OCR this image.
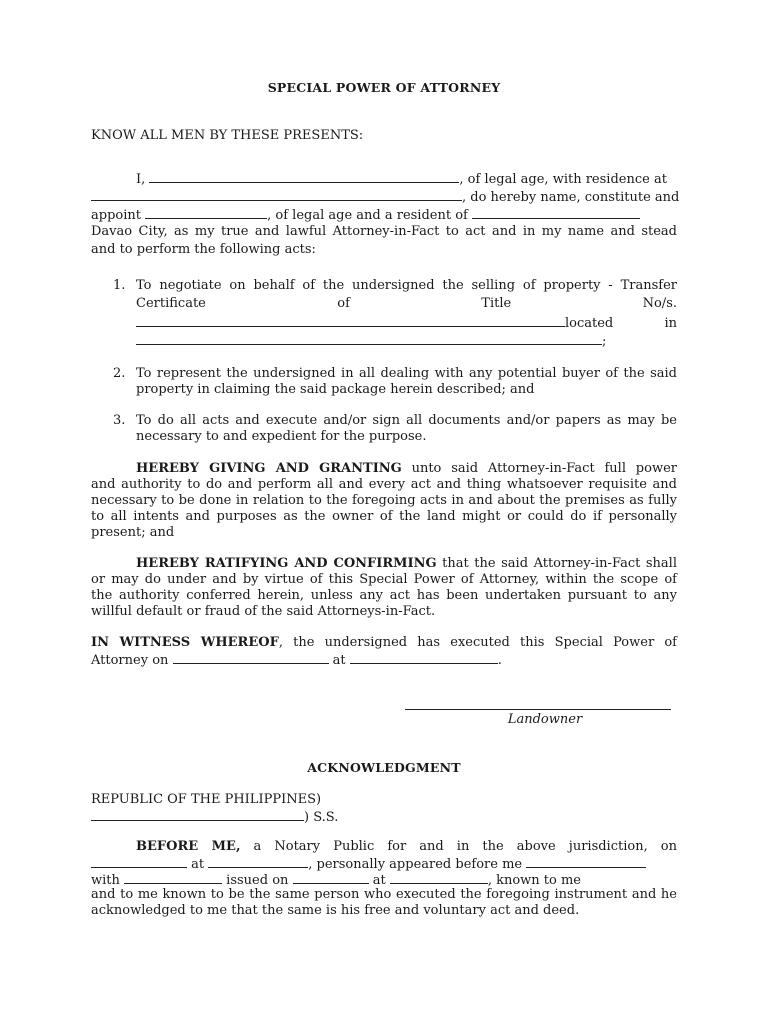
SPECIAL POWER OF ATTORNEY
KNOW ALL MEN BY THESE PRESENTS:
I,	, of legal age, with residence at
, do hereby name, constitute and
appoint	, of legal age and a resident of
Davao City, as my true and lawful Attorney-in-Fact to act and in my name and stead
and to perform the following acts:
1. To negotiate on behalf of the undersigned the selling of property - Transfer
Certificate of Title No/s.
located in
;
2. To represent the undersigned in all dealing with any potential buyer of the said
property in claiming the said package herein described; and
3. To do all acts and execute and/or sign all documents and/or papers as may be
necessary to and expedient for the purpose.
HEREBY GIVING AND GRANTING unto said Attorney-in-Fact full power
and authority to do and perform all and every act and thing whatsoever requisite and
necessary to be done in relation to the foregoing acts in and about the premises as fully
to all intents and purposes as the owner of the land might or could do if personally
present; and
HEREBY RATIFYING AND CONFIRMING that the said Attorney-in-Fact shall
or may do under and by virtue of this Special Power of Attorney, within the scope of
the authority conferred herein, unless any act has been undertaken pursuant to any
willful default or fraud of the said Attorneys-in-Fact.
IN WITNESS WHEREOF, the undersigned has executed this Special Power of
Attorney on	at	.
Landowner
ACKNOWLEDGMENT
REPUBLIC OF THE PHILIPPINES)
) S.S.
BEFORE ME, a Notary Public for and in the above jurisdiction, on
at	, personally appeared before me
with	issued on	at	, known to me
and to me known to be the same person who executed the foregoing instrument and he
acknowledged to me that the same is his free and voluntary act and deed.
